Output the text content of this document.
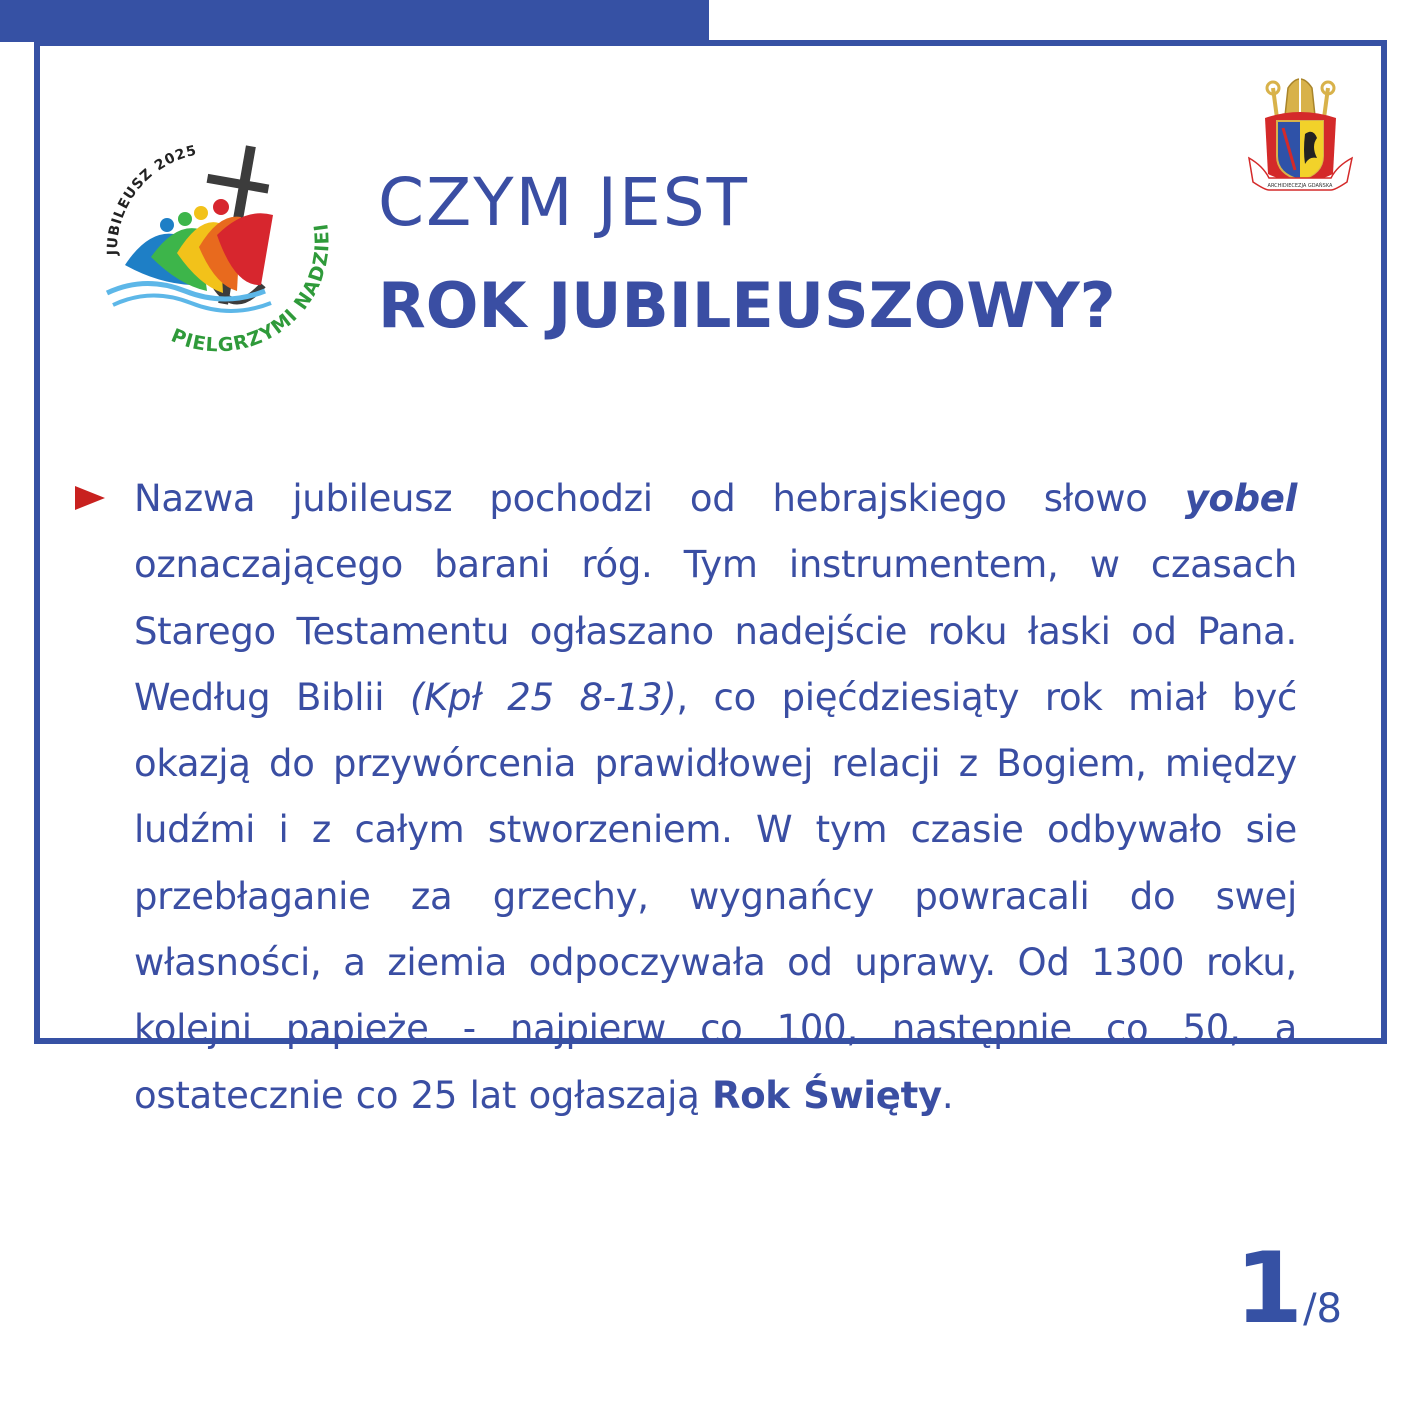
JUBILEUSZ 2025
PIELGRZYMI NADZIEI
ARCHIDIECEZJA GDAŃSKA
CZYM JEST
ROK JUBILEUSZOWY?

Nazwa jubileusz pochodzi od hebrajskiego słowo yobel oznaczającego barani róg. Tym instrumentem, w czasach Starego Testamentu ogłaszano nadejście roku łaski od Pana. Według Biblii (Kpł 25 8-13), co pięćdziesiąty rok miał być okazją do przywórcenia prawidłowej relacji z Bogiem, między ludźmi i z całym stworzeniem. W tym czasie odbywało sie przebłaganie za grzechy, wygnańcy powracali do swej własności, a ziemia odpoczywała od uprawy. Od 1300 roku, kolejni papieże - najpierw co 100, następnie co 50, a ostatecznie co 25 lat ogłaszają Rok Święty.

1/8
